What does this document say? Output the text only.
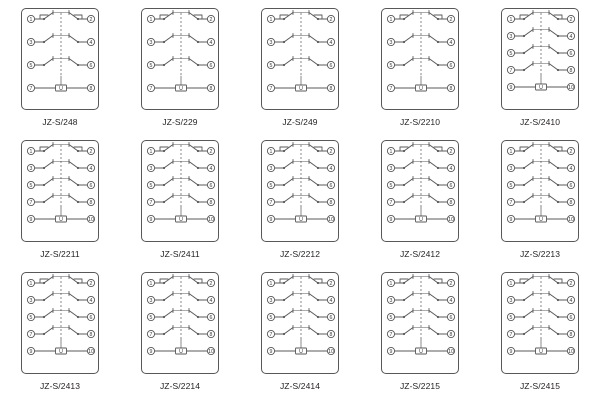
1	2
3	4
5	6
7	8
U
JZ-S/248
1	2
3	4
5	6
7	8
U
JZ-S/229
1	2
3	4
5	6
7	8
U
JZ-S/249
1	2
3	4
5	6
7	8
U
JZ-S/2210
1	2
3	4
5	6
7	8
9	10
U
JZ-S/2410
1	2
3	4
5	6
7	8
9	10
U
JZ-S/2211
1	2
3	4
5	6
7	8
9	10
U
JZ-S/2411
1	2
3	4
5	6
7	8
9	10
U
JZ-S/2212
1	2
3	4
5	6
7	8
9	10
U
JZ-S/2412
1	2
3	4
5	6
7	8
9	10
U
JZ-S/2213
1	2
3	4
5	6
7	8
9	10
U
JZ-S/2413
1	2
3	4
5	6
7	8
9	10
U
JZ-S/2214
1	2
3	4
5	6
7	8
9	10
U
JZ-S/2414
1	2
3	4
5	6
7	8
9	10
U
JZ-S/2215
1	2
3	4
5	6
7	8
9	10
U
JZ-S/2415
